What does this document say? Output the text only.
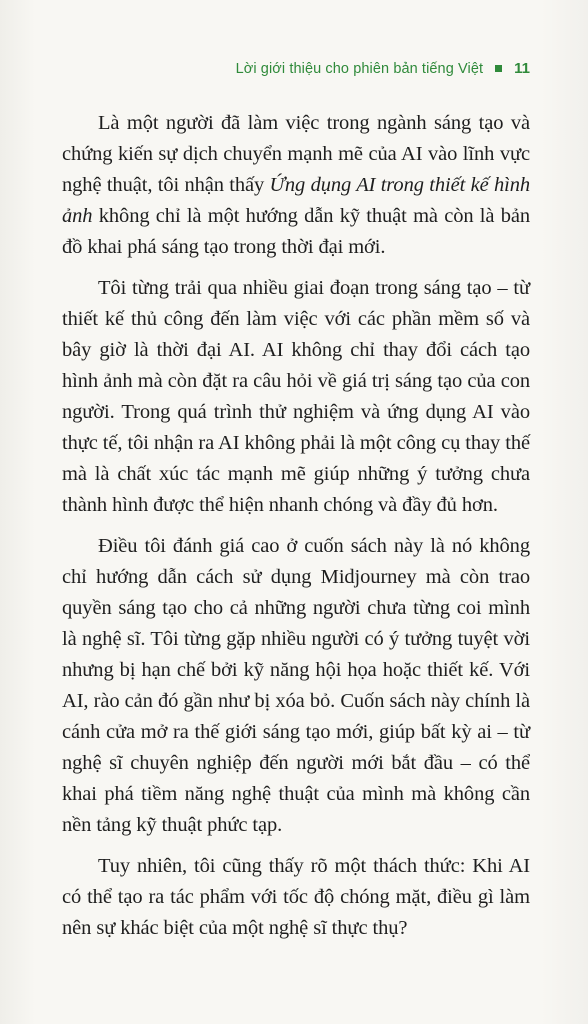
Lời giới thiệu cho phiên bản tiếng Việt 11

Là một người đã làm việc trong ngành sáng tạo và chứng kiến sự dịch chuyển mạnh mẽ của AI vào lĩnh vực nghệ thuật, tôi nhận thấy Ứng dụng AI trong thiết kế hình ảnh không chỉ là một hướng dẫn kỹ thuật mà còn là bản đồ khai phá sáng tạo trong thời đại mới.

Tôi từng trải qua nhiều giai đoạn trong sáng tạo – từ thiết kế thủ công đến làm việc với các phần mềm số và bây giờ là thời đại AI. AI không chỉ thay đổi cách tạo hình ảnh mà còn đặt ra câu hỏi về giá trị sáng tạo của con người. Trong quá trình thử nghiệm và ứng dụng AI vào thực tế, tôi nhận ra AI không phải là một công cụ thay thế mà là chất xúc tác mạnh mẽ giúp những ý tưởng chưa thành hình được thể hiện nhanh chóng và đầy đủ hơn.

Điều tôi đánh giá cao ở cuốn sách này là nó không chỉ hướng dẫn cách sử dụng Midjourney mà còn trao quyền sáng tạo cho cả những người chưa từng coi mình là nghệ sĩ. Tôi từng gặp nhiều người có ý tưởng tuyệt vời nhưng bị hạn chế bởi kỹ năng hội họa hoặc thiết kế. Với AI, rào cản đó gần như bị xóa bỏ. Cuốn sách này chính là cánh cửa mở ra thế giới sáng tạo mới, giúp bất kỳ ai – từ nghệ sĩ chuyên nghiệp đến người mới bắt đầu – có thể khai phá tiềm năng nghệ thuật của mình mà không cần nền tảng kỹ thuật phức tạp.

Tuy nhiên, tôi cũng thấy rõ một thách thức: Khi AI có thể tạo ra tác phẩm với tốc độ chóng mặt, điều gì làm nên sự khác biệt của một nghệ sĩ thực thụ?
